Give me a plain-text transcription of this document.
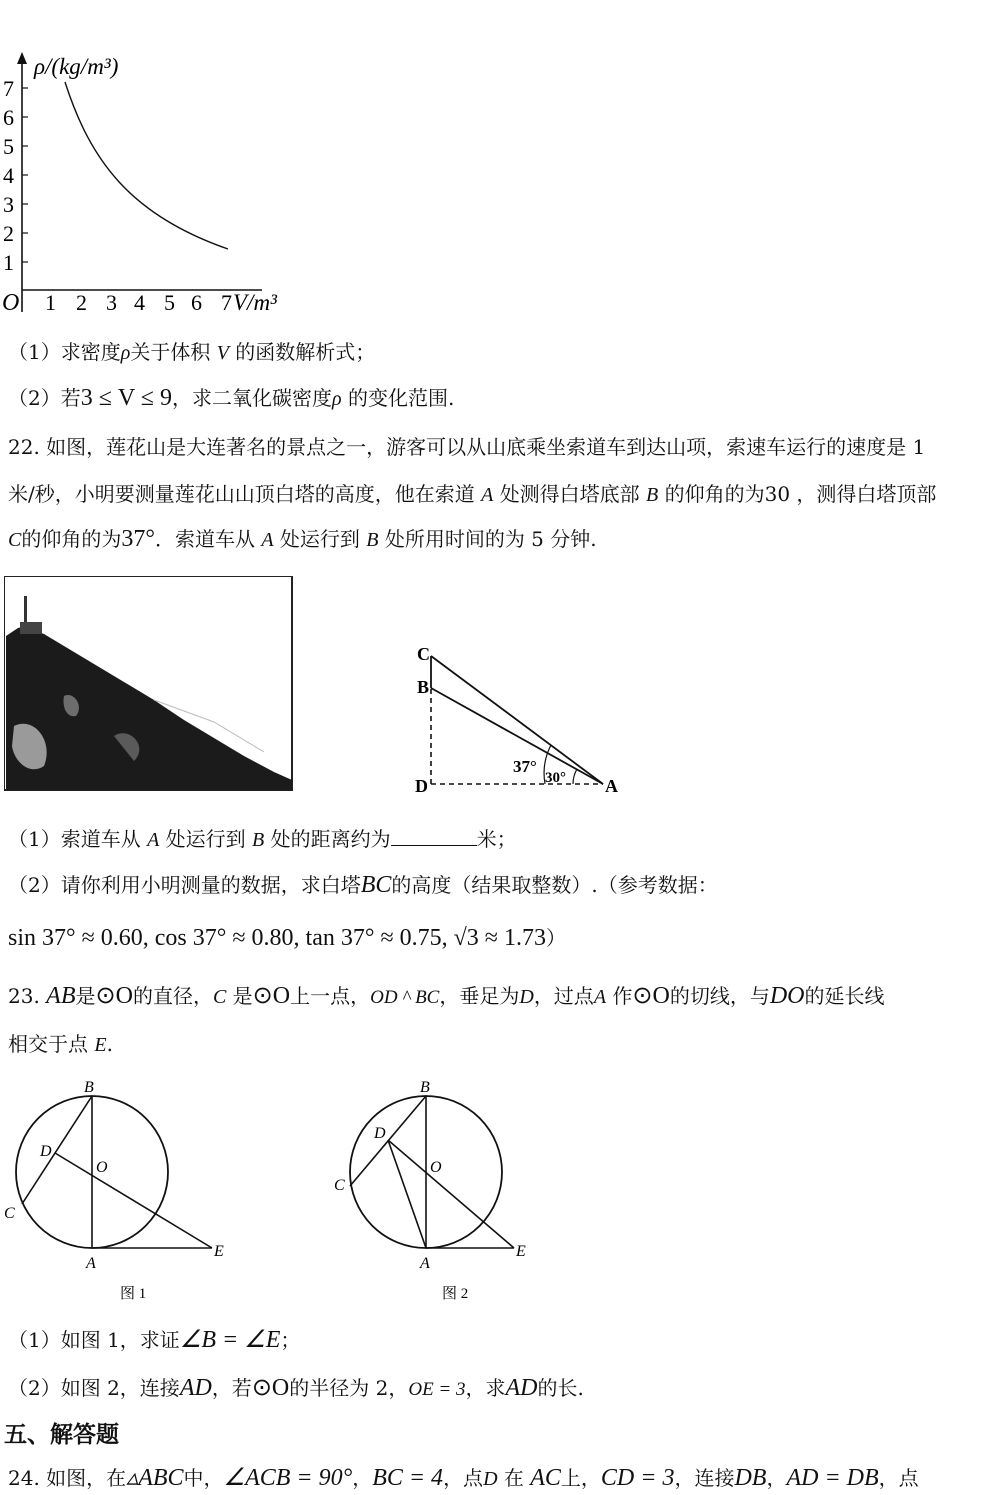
ρ/(kg/m³)
V/m³
O
7
6
5
4
3
2
1
1 2 3 4 5 6 7
（1）求密度ρ关于体积 V 的函数解析式；
（2）若3 ≤ V ≤ 9，求二氧化碳密度ρ 的变化范围.
22. 如图，莲花山是大连著名的景点之一，游客可以从山底乘坐索道车到达山项，索速车运行的速度是 1
米/秒，小明要测量莲花山山顶白塔的高度，他在索道 A 处测得白塔底部 B 的仰角的为30 ，测得白塔顶部
C的仰角的为37°．索道车从 A 处运行到 B 处所用时间的为 5 分钟.
C
B
D	A
37°
30°
（1）索道车从 A 处运行到 B 处的距离约为	米；
（2）请你利用小明测量的数据，求白塔BC的高度（结果取整数）.（参考数据：
sin 37° ≈ 0.60, cos 37° ≈ 0.80, tan 37° ≈ 0.75, √3 ≈ 1.73）
23. AB是⊙O的直径，C 是⊙O上一点，OD ^ BC，垂足为D，过点A 作⊙O的切线，与DO的延长线
相交于点 E.
B
D
O
C
A
E
图 1
B
D
O
C
A
E
图 2
（1）如图 1，求证∠B = ∠E；
（2）如图 2，连接AD，若⊙O的半径为 2，OE = 3，求AD的长.
五、解答题
24. 如图，在▵ABC中，∠ACB = 90°，BC = 4，点D 在 AC上，CD = 3，连接DB，AD = DB，点
